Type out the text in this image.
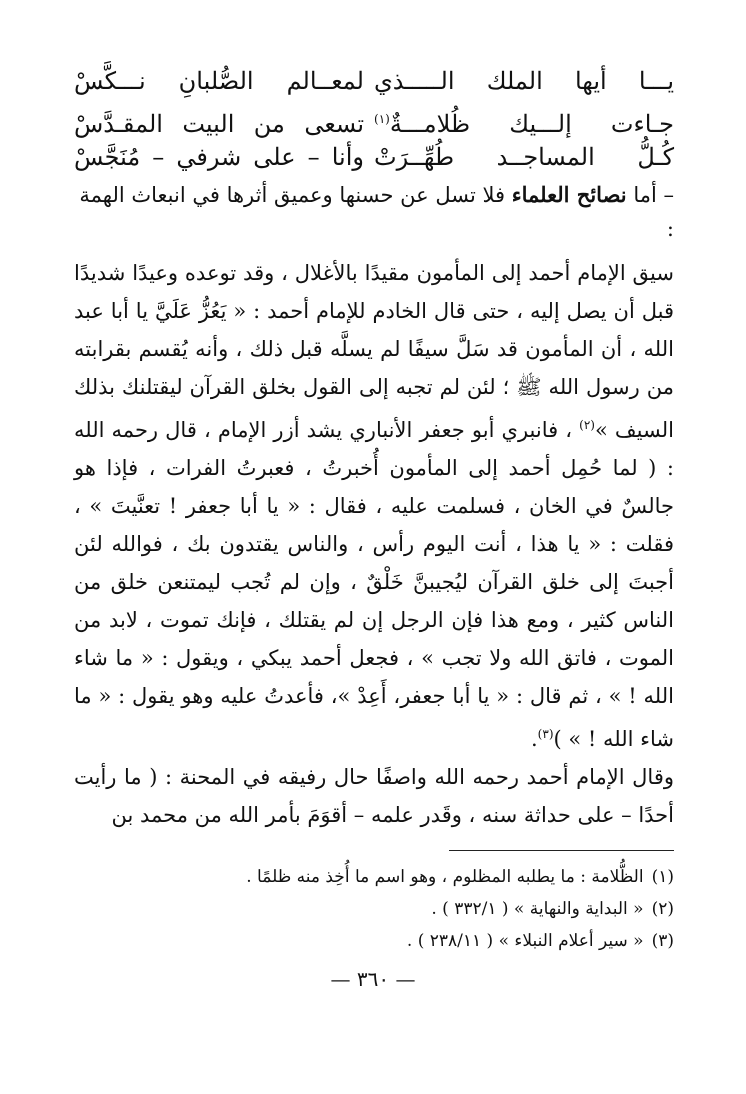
يـــا أيها الملك الـــــذي
لمعــالم الصُّلبانِ نـــكَّسْ
جـاءت إلـــيك ظُلامـــةٌ$^{(١)}$
تسعى من البيت المقـدَّسْ
كُـلُّ المساجــد طُهِّــرَتْ
وأنا – على شرفي – مُنَجَّسْ
– أما نصائح العلماء فلا تسل عن حسنها وعميق أثرها في انبعاث الهمة :

سيق الإمام أحمد إلى المأمون مقيدًا بالأغلال ، وقد توعده وعيدًا شديدًا قبل أن يصل إليه ، حتى قال الخادم للإمام أحمد : « يَعُزُّ عَلَيَّ يا أبا عبد الله ، أن المأمون قد سَلَّ سيفًا لم يسلَّه قبل ذلك ، وأنه يُقسم بقرابته من رسول الله ﷺ ؛ لئن لم تجبه إلى القول بخلق القرآن ليقتلنك بذلك السيف »$^{(٢)}$ ، فانبري أبو جعفر الأنباري يشد أزر الإمام ، قال رحمه الله : ( لما حُمِل أحمد إلى المأمون أُخبرتُ ، فعبرتُ الفرات ، فإذا هو جالسٌ في الخان ، فسلمت عليه ، فقال : « يا أبا جعفر ! تعنَّيتَ » ، فقلت : « يا هذا ، أنت اليوم رأس ، والناس يقتدون بك ، فوالله لئن أجبتَ إلى خلق القرآن ليُجيبنَّ خَلْقٌ ، وإن لم تُجب ليمتنعن خلق من الناس كثير ، ومع هذا فإن الرجل إن لم يقتلك ، فإنك تموت ، لابد من الموت ، فاتق الله ولا تجب » ، فجعل أحمد يبكي ، ويقول : « ما شاء الله ! » ، ثم قال : « يا أبا جعفر، أَعِدْ »، فأعدتُ عليه وهو يقول : « ما شاء الله ! » )$^{(٣)}$.

وقال الإمام أحمد رحمه الله واصفًا حال رفيقه في المحنة : ( ما رأيت أحدًا – على حداثة سنه ، وقَدر علمه – أقوَمَ بأمر الله من محمد بن

(١)
الظُّلامة : ما يطلبه المظلوم ، وهو اسم ما أُخِذ منه ظلمًا .
(٢)
« البداية والنهاية » ( ٣٣٢/١ ) .
(٣)
« سير أعلام النبلاء » ( ٢٣٨/١١ ) .
— ٣٦٠ —
